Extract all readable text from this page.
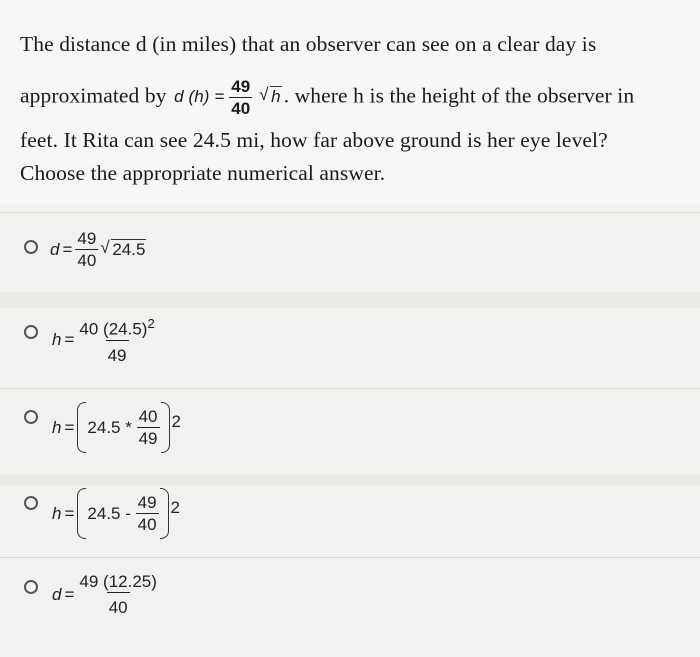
The distance d (in miles) that an observer can see on a clear day is
approximated by d $(h) = \frac{49}{40}$ √ h . where h is the height of the observer in
feet. It Rita can see 24.5 mi, how far above ground is her eye level?
Choose the appropriate numerical answer.
$d = \frac{49}{40}$ √ 24.5
$h = \frac{40 (24.5)^2}{49}$
h = 24.5 *
$\frac{40}{49} 2$
h = 24.5 -
$\frac{49}{40} 2$
$d = \frac{49 (12.25)}{40}$
